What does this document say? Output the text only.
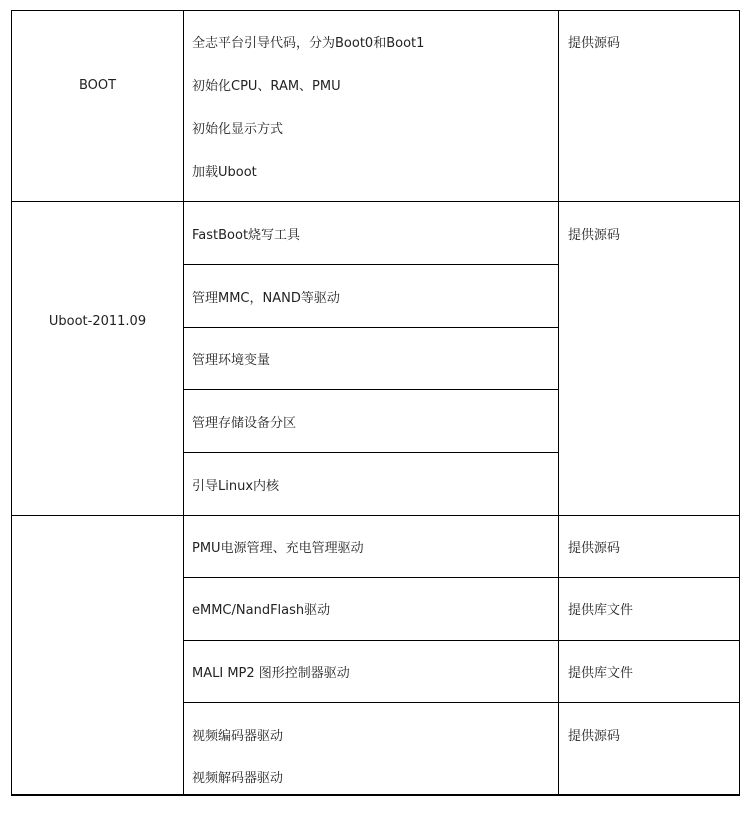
BOOT
全志平台引导代码，分为Boot0和Boot1
初始化CPU、RAM、PMU
初始化显示方式
加载Uboot
提供源码
Uboot-2011.09
FastBoot烧写工具
管理MMC，NAND等驱动
管理环境变量
管理存储设备分区
引导Linux内核
提供源码
PMU电源管理、充电管理驱动
eMMC/NandFlash驱动
MALI MP2 图形控制器驱动
视频编码器驱动
视频解码器驱动
提供源码
提供库文件
提供库文件
提供源码
